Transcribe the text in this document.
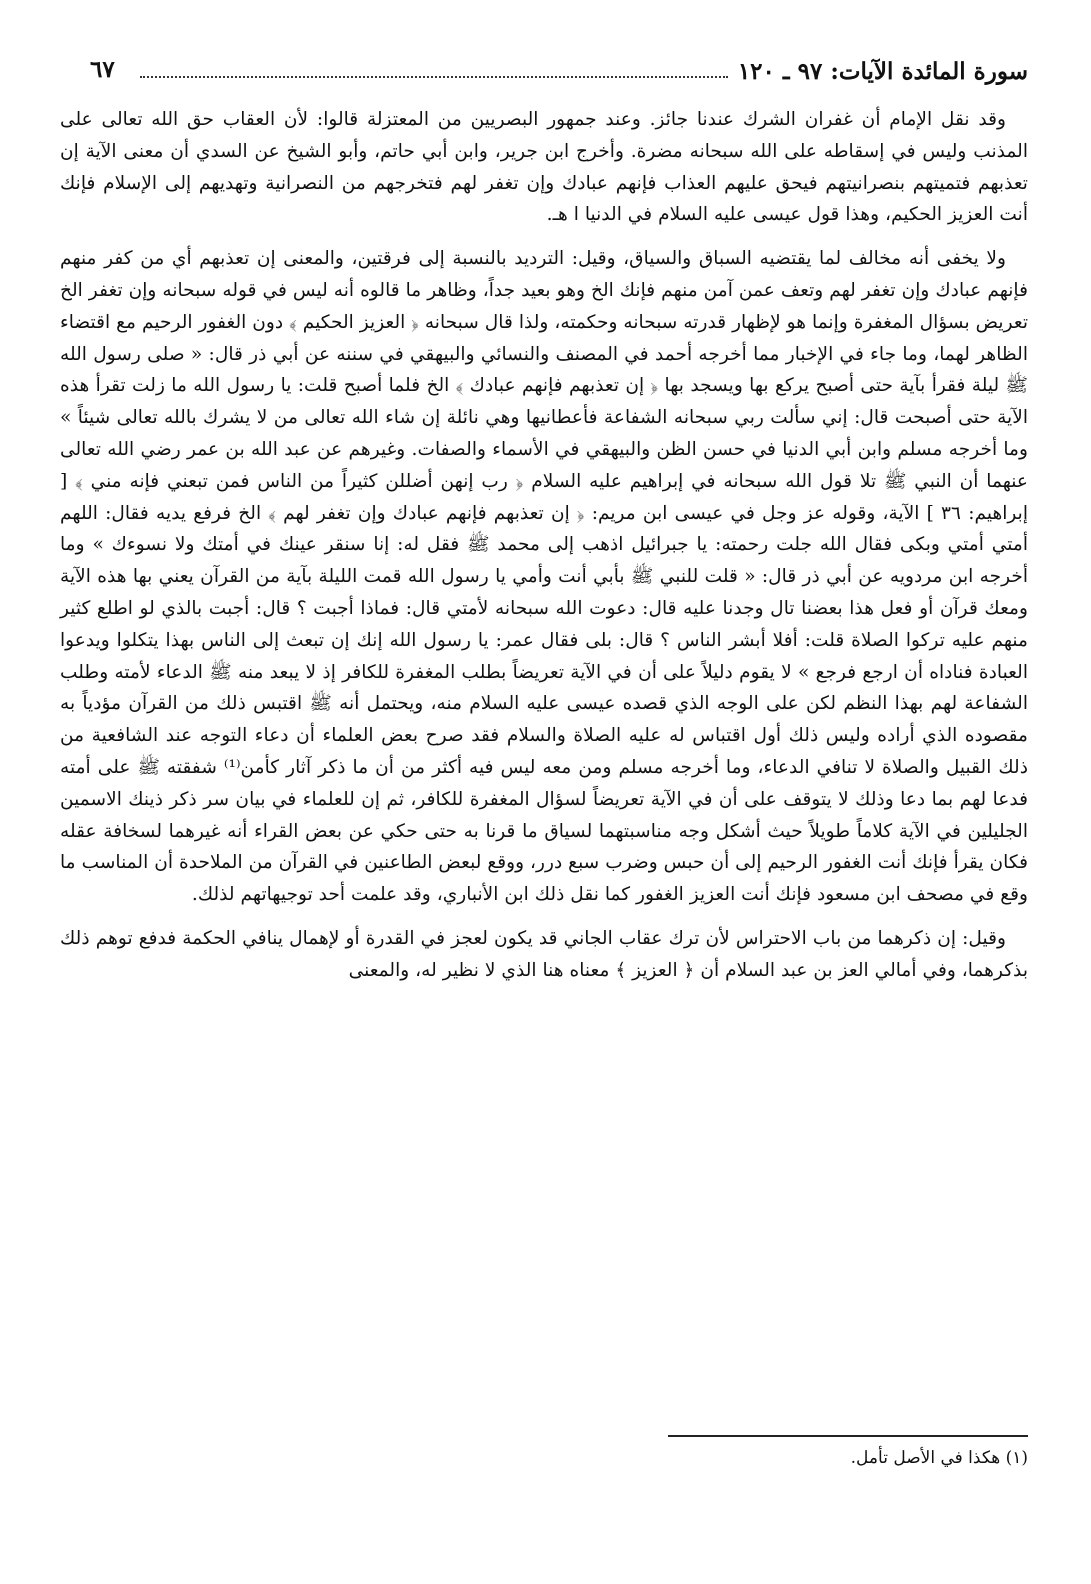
سورة المائدة الآيات: ٩٧ ـ ١٢٠
٦٧

وقد نقل الإمام أن غفران الشرك عندنا جائز. وعند جمهور البصريين من المعتزلة قالوا: لأن العقاب حق الله تعالى على المذنب وليس في إسقاطه على الله سبحانه مضرة. وأخرج ابن جرير، وابن أبي حاتم، وأبو الشيخ عن السدي أن معنى الآية إن تعذبهم فتميتهم بنصرانيتهم فيحق عليهم العذاب فإنهم عبادك وإن تغفر لهم فتخرجهم من النصرانية وتهديهم إلى الإسلام فإنك أنت العزيز الحكيم، وهذا قول عيسى عليه السلام في الدنيا ا هـ.

ولا يخفى أنه مخالف لما يقتضيه السباق والسياق، وقيل: الترديد بالنسبة إلى فرقتين، والمعنى إن تعذبهم أي من كفر منهم فإنهم عبادك وإن تغفر لهم وتعف عمن آمن منهم فإنك الخ وهو بعيد جداً، وظاهر ما قالوه أنه ليس في قوله سبحانه وإن تغفر الخ تعريض بسؤال المغفرة وإنما هو لإظهار قدرته سبحانه وحكمته، ولذا قال سبحانه ﴿ العزيز الحكيم ﴾ دون الغفور الرحيم مع اقتضاء الظاهر لهما، وما جاء في الإخبار مما أخرجه أحمد في المصنف والنسائي والبيهقي في سننه عن أبي ذر قال: « صلى رسول الله ﷺ ليلة فقرأ بآية حتى أصبح يركع بها ويسجد بها ﴿ إن تعذبهم فإنهم عبادك ﴾ الخ فلما أصبح قلت: يا رسول الله ما زلت تقرأ هذه الآية حتى أصبحت قال: إني سألت ربي سبحانه الشفاعة فأعطانيها وهي نائلة إن شاء الله تعالى من لا يشرك بالله تعالى شيئاً » وما أخرجه مسلم وابن أبي الدنيا في حسن الظن والبيهقي في الأسماء والصفات. وغيرهم عن عبد الله بن عمر رضي الله تعالى عنهما أن النبي ﷺ تلا قول الله سبحانه في إبراهيم عليه السلام ﴿ رب إنهن أضللن كثيراً من الناس فمن تبعني فإنه مني ﴾ [ إبراهيم: ٣٦ ] الآية، وقوله عز وجل في عيسى ابن مريم: ﴿ إن تعذبهم فإنهم عبادك وإن تغفر لهم ﴾ الخ فرفع يديه فقال: اللهم أمتي أمتي وبكى فقال الله جلت رحمته: يا جبرائيل اذهب إلى محمد ﷺ فقل له: إنا سنقر عينك في أمتك ولا نسوءك » وما أخرجه ابن مردويه عن أبي ذر قال: « قلت للنبي ﷺ بأبي أنت وأمي يا رسول الله قمت الليلة بآية من القرآن يعني بها هذه الآية ومعك قرآن أو فعل هذا بعضنا تال وجدنا عليه قال: دعوت الله سبحانه لأمتي قال: فماذا أجبت ؟ قال: أجبت بالذي لو اطلع كثير منهم عليه تركوا الصلاة قلت: أفلا أبشر الناس ؟ قال: بلى فقال عمر: يا رسول الله إنك إن تبعث إلى الناس بهذا يتكلوا ويدعوا العبادة فناداه أن ارجع فرجع » لا يقوم دليلاً على أن في الآية تعريضاً بطلب المغفرة للكافر إذ لا يبعد منه ﷺ الدعاء لأمته وطلب الشفاعة لهم بهذا النظم لكن على الوجه الذي قصده عيسى عليه السلام منه، ويحتمل أنه ﷺ اقتبس ذلك من القرآن مؤدياً به مقصوده الذي أراده وليس ذلك أول اقتباس له عليه الصلاة والسلام فقد صرح بعض العلماء أن دعاء التوجه عند الشافعية من ذلك القبيل والصلاة لا تنافي الدعاء، وما أخرجه مسلم ومن معه ليس فيه أكثر من أن ما ذكر آثار كأمن⁽¹⁾ شفقته ﷺ على أمته فدعا لهم بما دعا وذلك لا يتوقف على أن في الآية تعريضاً لسؤال المغفرة للكافر، ثم إن للعلماء في بيان سر ذكر ذينك الاسمين الجليلين في الآية كلاماً طويلاً حيث أشكل وجه مناسبتهما لسياق ما قرنا به حتى حكي عن بعض القراء أنه غيرهما لسخافة عقله فكان يقرأ فإنك أنت الغفور الرحيم إلى أن حبس وضرب سبع درر، ووقع لبعض الطاعنين في القرآن من الملاحدة أن المناسب ما وقع في مصحف ابن مسعود فإنك أنت العزيز الغفور كما نقل ذلك ابن الأنباري، وقد علمت أحد توجيهاتهم لذلك.

وقيل: إن ذكرهما من باب الاحتراس لأن ترك عقاب الجاني قد يكون لعجز في القدرة أو لإهمال ينافي الحكمة فدفع توهم ذلك بذكرهما، وفي أمالي العز بن عبد السلام أن ﴿ العزيز ﴾ معناه هنا الذي لا نظير له، والمعنى

(١) هكذا في الأصل تأمل.
